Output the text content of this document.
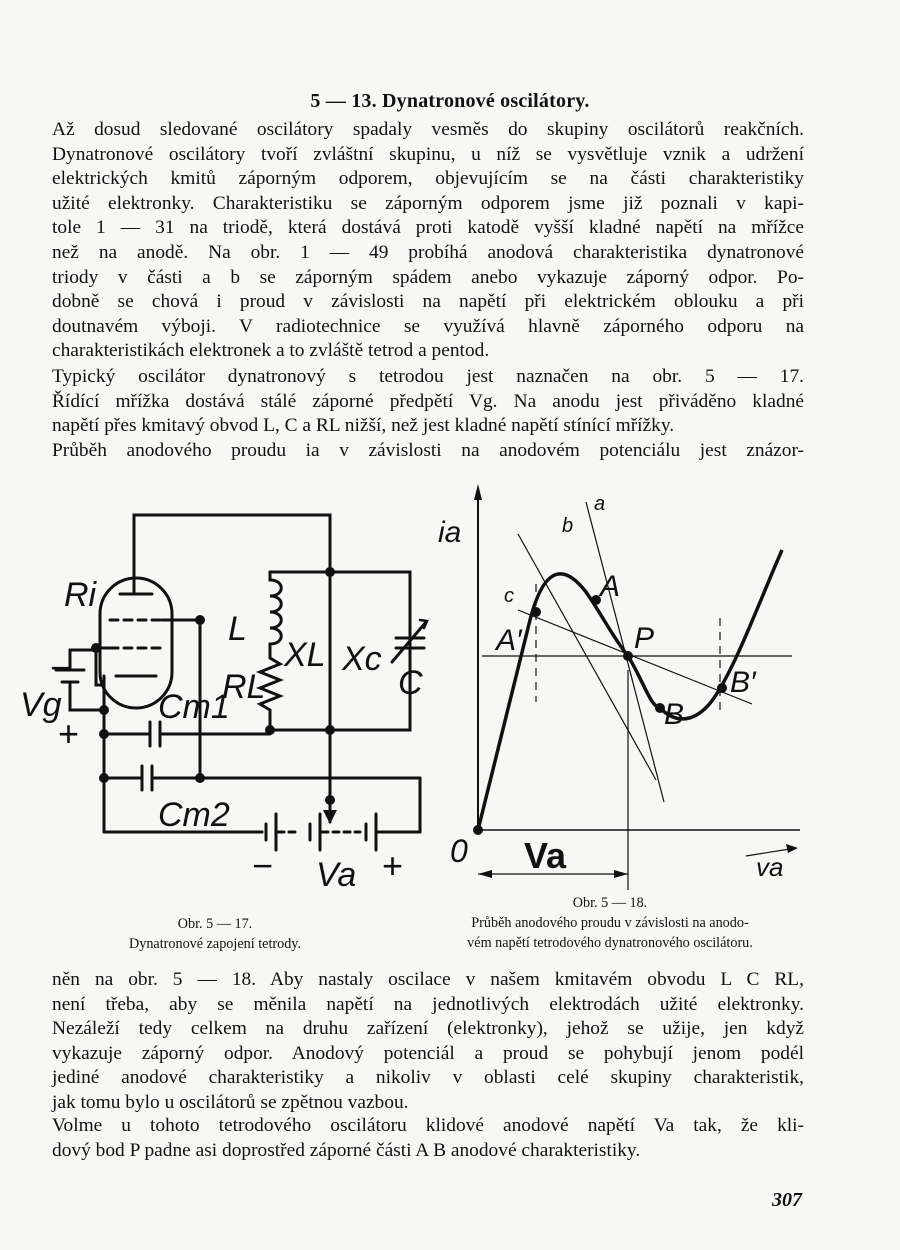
5 — 13. Dynatronové oscilátory.

Až dosud sledované oscilátory spadaly vesměs do skupiny oscilátorů reakčních.
Dynatronové oscilátory tvoří zvláštní skupinu, u níž se vysvětluje vznik a udržení
elektrických kmitů záporným odporem, objevujícím se na části charakteristiky
užité elektronky. Charakteristiku se záporným odporem jsme již poznali v kapi-
tole 1 — 31 na triodě, která dostává proti katodě vyšší kladné napětí na mřížce
než na anodě. Na obr. 1 — 49 probíhá anodová charakteristika dynatronové
triody v části a b se záporným spádem anebo vykazuje záporný odpor. Po-
dobně se chová i proud v závislosti na napětí při elektrickém oblouku a při
doutnavém výboji. V radiotechnice se využívá hlavně záporného odporu na
charakteristikách elektronek a to zvláště tetrod a pentod.

Typický oscilátor dynatronový s tetrodou jest naznačen na obr. 5 — 17.
Řídící mřížka dostává stálé záporné předpětí Vg. Na anodu jest přiváděno kladné
napětí přes kmitavý obvod L, C a RL nižší, než jest kladné napětí stínící mřížky.

Průběh anodového proudu ia v závislosti na anodovém potenciálu jest znázor-

Ri
L
XL
RL
Xc
C
Cm1
Cm2
Vg
Va
−
+
−	+
ia
va
Va
0
a
b
c	A
A′	P
B
B′
Obr. 5 — 17.
Dynatronové zapojení tetrody.
Obr. 5 — 18.
Průběh anodového proudu v závislosti na anodo-
vém napětí tetrodového dynatronového oscilátoru.

něn na obr. 5 — 18. Aby nastaly oscilace v našem kmitavém obvodu L C RL,
není třeba, aby se měnila napětí na jednotlivých elektrodách užité elektronky.
Nezáleží tedy celkem na druhu zařízení (elektronky), jehož se užije, jen když
vykazuje záporný odpor. Anodový potenciál a proud se pohybují jenom podél
jediné anodové charakteristiky a nikoliv v oblasti celé skupiny charakteristik,
jak tomu bylo u oscilátorů se zpětnou vazbou.

Volme u tohoto tetrodového oscilátoru klidové anodové napětí Va tak, že kli-
dový bod P padne asi doprostřed záporné části A B anodové charakteristiky.

307
